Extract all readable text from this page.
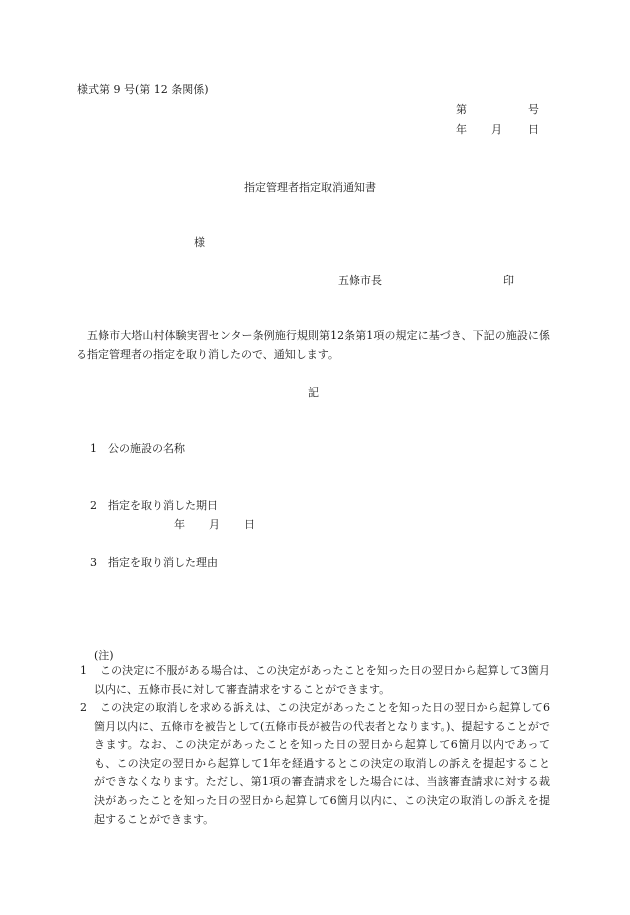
様式第 9 号(第 12 条関係)
第	号
年 月 日
指定管理者指定取消通知書
様
五條市長	印
五條市大塔山村体験実習センター条例施行規則第12条第1項の規定に基づき、下記の施設に係る指定管理者の指定を取り消したので、通知します。
記
1 公の施設の名称
2 指定を取り消した期日
年 月 日
3 指定を取り消した理由
(注)
1	この決定に不服がある場合は、この決定があったことを知った日の翌日から起算して3箇月以内に、五條市長に対して審査請求をすることができます。
2	この決定の取消しを求める訴えは、この決定があったことを知った日の翌日から起算して6箇月以内に、五條市を被告として(五條市長が被告の代表者となります。)、提起することができます。なお、この決定があったことを知った日の翌日から起算して6箇月以内であっても、この決定の翌日から起算して1年を経過するとこの決定の取消しの訴えを提起することができなくなります。ただし、第1項の審査請求をした場合には、当該審査請求に対する裁決があったことを知った日の翌日から起算して6箇月以内に、この決定の取消しの訴えを提起することができます。
